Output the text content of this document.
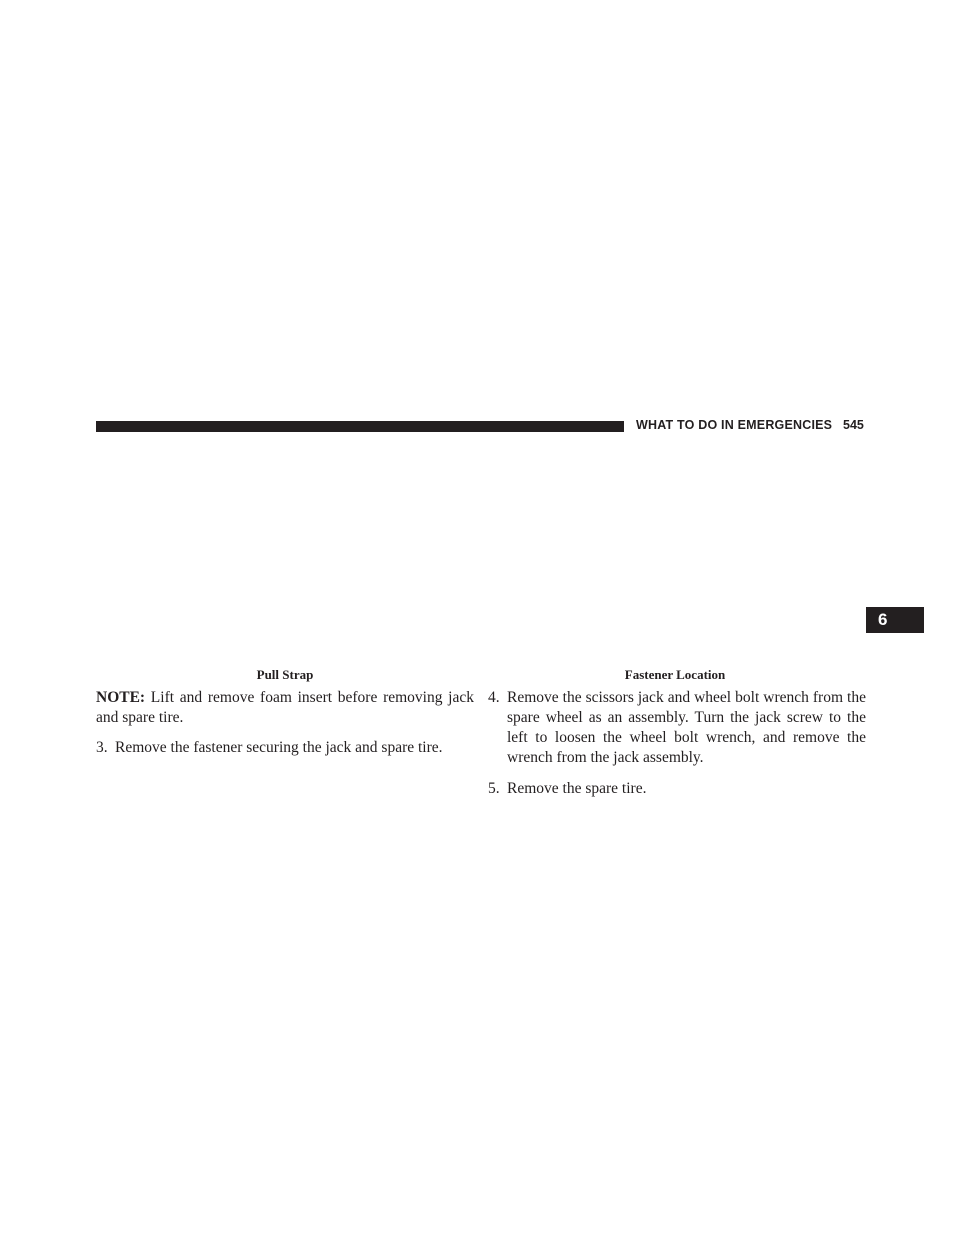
WHAT TO DO IN EMERGENCIES 545
6
Pull Strap	Fastener Location

NOTE: Lift and remove foam insert before removing jack and spare tire.

3. Remove the fastener securing the jack and spare tire.
4. Remove the scissors jack and wheel bolt wrench from the spare wheel as an assembly. Turn the jack screw to the left to loosen the wheel bolt wrench, and remove the wrench from the jack assembly.
5. Remove the spare tire.
